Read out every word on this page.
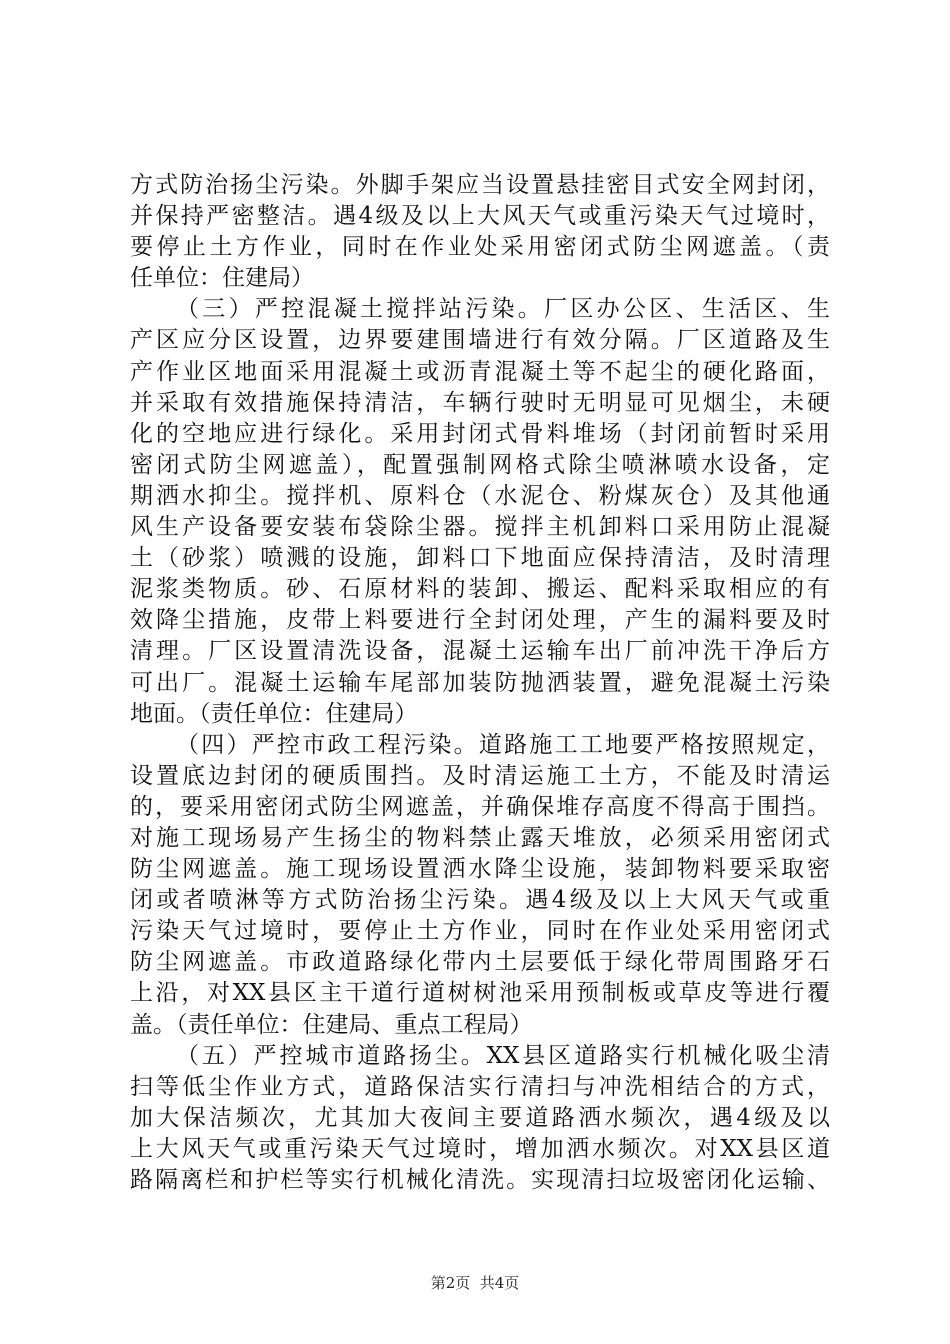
方式防治扬尘污染。外脚手架应当设置悬挂密目式安全网封闭，
并保持严密整洁。遇4级及以上大风天气或重污染天气过境时，
要停止土方作业，同时在作业处采用密闭式防尘网遮盖。（责
任单位：住建局）
（三）严控混凝土搅拌站污染。厂区办公区、生活区、生
产区应分区设置，边界要建围墙进行有效分隔。厂区道路及生
产作业区地面采用混凝土或沥青混凝土等不起尘的硬化路面，
并采取有效措施保持清洁，车辆行驶时无明显可见烟尘，未硬
化的空地应进行绿化。采用封闭式骨料堆场（封闭前暂时采用
密闭式防尘网遮盖），配置强制网格式除尘喷淋喷水设备，定
期洒水抑尘。搅拌机、原料仓（水泥仓、粉煤灰仓）及其他通
风生产设备要安装布袋除尘器。搅拌主机卸料口采用防止混凝
土（砂浆）喷溅的设施，卸料口下地面应保持清洁，及时清理
泥浆类物质。砂、石原材料的装卸、搬运、配料采取相应的有
效降尘措施，皮带上料要进行全封闭处理，产生的漏料要及时
清理。厂区设置清洗设备，混凝土运输车出厂前冲洗干净后方
可出厂。混凝土运输车尾部加装防抛洒装置，避免混凝土污染
地面。（责任单位：住建局）
（四）严控市政工程污染。道路施工工地要严格按照规定，
设置底边封闭的硬质围挡。及时清运施工土方，不能及时清运
的，要采用密闭式防尘网遮盖，并确保堆存高度不得高于围挡。
对施工现场易产生扬尘的物料禁止露天堆放，必须采用密闭式
防尘网遮盖。施工现场设置洒水降尘设施，装卸物料要采取密
闭或者喷淋等方式防治扬尘污染。遇4级及以上大风天气或重
污染天气过境时，要停止土方作业，同时在作业处采用密闭式
防尘网遮盖。市政道路绿化带内土层要低于绿化带周围路牙石
上沿，对XX县区主干道行道树树池采用预制板或草皮等进行覆
盖。（责任单位：住建局、重点工程局）
（五）严控城市道路扬尘。XX县区道路实行机械化吸尘清
扫等低尘作业方式，道路保洁实行清扫与冲洗相结合的方式，
加大保洁频次，尤其加大夜间主要道路洒水频次，遇4级及以
上大风天气或重污染天气过境时，增加洒水频次。对XX县区道
路隔离栏和护栏等实行机械化清洗。实现清扫垃圾密闭化运输、
第2页  共4页
